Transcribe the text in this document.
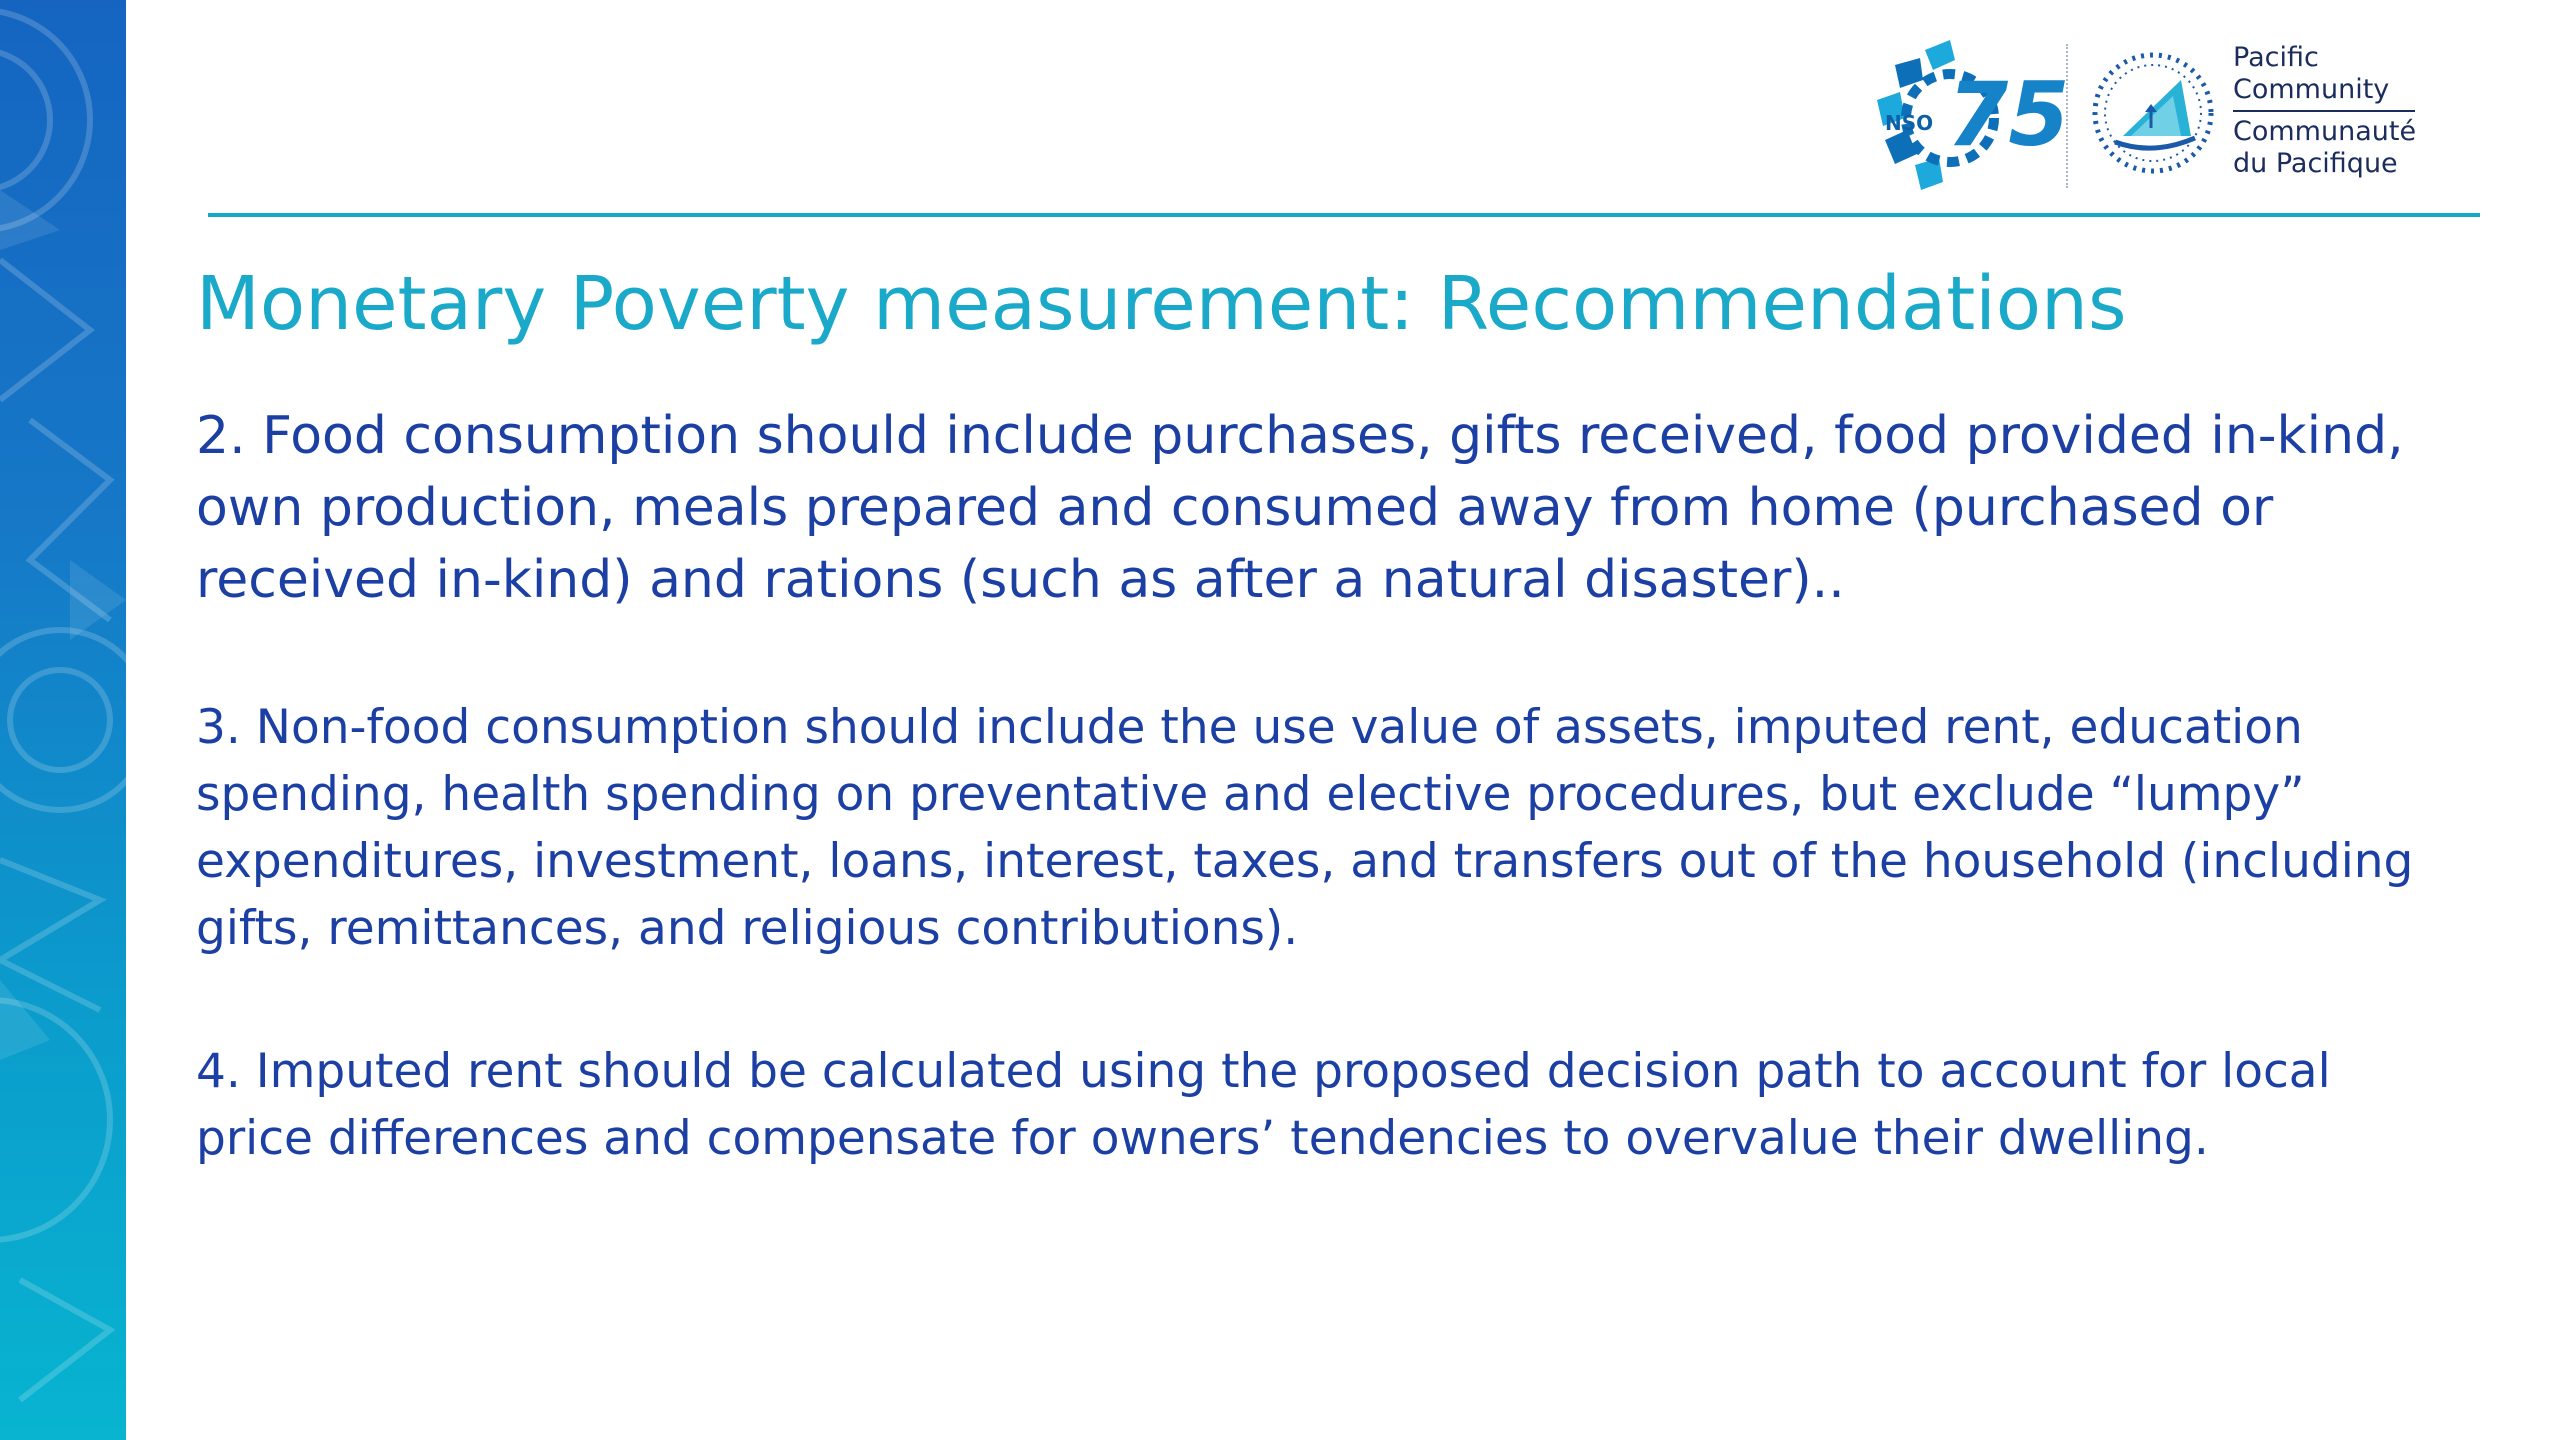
75
NSO
Pacific
Community
Communauté
du Pacifique
Monetary Poverty measurement: Recommendations

2. Food consumption should include purchases, gifts received, food provided in-kind, own production, meals prepared and consumed away from home (purchased or received in-kind) and rations (such as after a natural disaster)..

3. Non-food consumption should include the use value of assets, imputed rent, education spending, health spending on preventative and elective procedures, but exclude “lumpy” expenditures, investment, loans, interest, taxes, and transfers out of the household (including gifts, remittances, and religious contributions).

4. Imputed rent should be calculated using the proposed decision path to account for local price differences and compensate for owners’ tendencies to overvalue their dwelling.
